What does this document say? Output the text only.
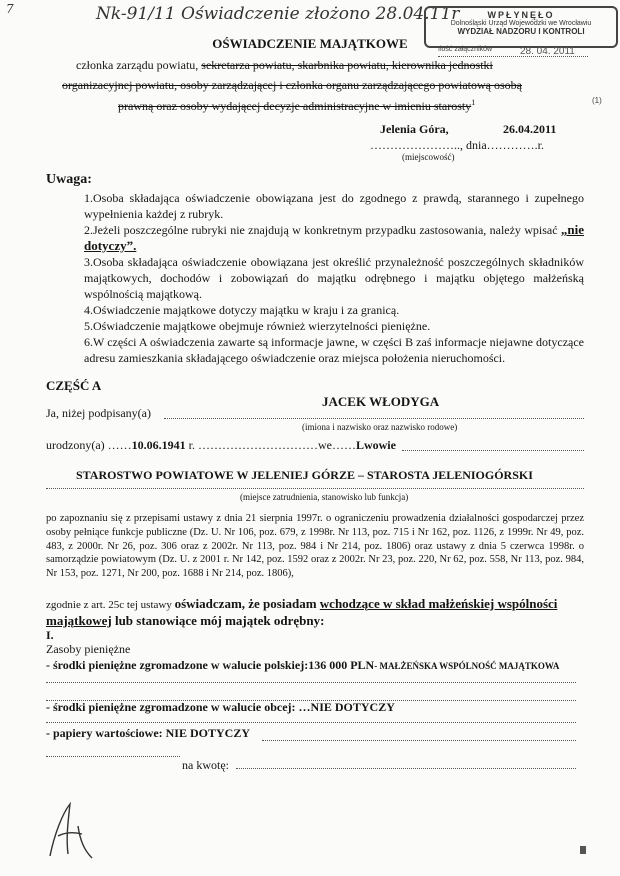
Nk-91/11 Oświadczenie złożono 28.04.11r
7	WPŁYNĘŁO
Dolnośląski Urząd Wojewódzki we Wrocławiu
WYDZIAŁ NADZORU I KONTROLI
Ilość załączników	28. 04. 2011
(1)
OŚWIADCZENIE MAJĄTKOWE
członka zarządu powiatu, sekretarza powiatu, skarbnika powiatu, kierownika jednostki
organizacyjnej powiatu, osoby zarządzającej i członka organu zarządzającego powiatową osobą
prawną oraz osoby wydającej decyzje administracyjne w imieniu starosty$^1$
Jelenia Góra,	26.04.2011
………………….., dnia………….r.
(miejscowość)
Uwaga:
1.Osoba składająca oświadczenie obowiązana jest do zgodnego z prawdą, starannego i zupełnego wypełnienia każdej z rubryk.
2.Jeżeli poszczególne rubryki nie znajdują w konkretnym przypadku zastosowania, należy wpisać „nie dotyczy”.
3.Osoba składająca oświadczenie obowiązana jest określić przynależność poszczególnych składników majątkowych, dochodów i zobowiązań do majątku odrębnego i majątku objętego małżeńską wspólnością majątkową.
4.Oświadczenie majątkowe dotyczy majątku w kraju i za granicą.
5.Oświadczenie majątkowe obejmuje również wierzytelności pieniężne.
6.W części A oświadczenia zawarte są informacje jawne, w części B zaś informacje niejawne dotyczące adresu zamieszkania składającego oświadczenie oraz miejsca położenia nieruchomości.
CZĘŚĆ A
Ja, niżej podpisany(a)
JACEK WŁODYGA
(imiona i nazwisko oraz nazwisko rodowe)
urodzony(a) ……10.06.1941 r. …………………………we……Lwowie
STAROSTWO POWIATOWE W JELENIEJ GÓRZE – STAROSTA JELENIOGÓRSKI
(miejsce zatrudnienia, stanowisko lub funkcja)
po zapoznaniu się z przepisami ustawy z dnia 21 sierpnia 1997r. o ograniczeniu prowadzenia działalności gospodarczej przez osoby pełniące funkcje publiczne (Dz. U. Nr 106, poz. 679, z 1998r. Nr 113, poz. 715 i Nr 162, poz. 1126, z 1999r. Nr 49, poz. 483, z 2000r. Nr 26, poz. 306 oraz z 2002r. Nr 113, poz. 984 i Nr 214, poz. 1806) oraz ustawy z dnia 5 czerwca 1998r. o samorządzie powiatowym (Dz. U. z 2001 r. Nr 142, poz. 1592 oraz z 2002r. Nr 23, poz. 220, Nr 62, poz. 558, Nr 113, poz. 984, Nr 153, poz. 1271, Nr 200, poz. 1688 i Nr 214, poz. 1806),
zgodnie z art. 25c tej ustawy oświadczam, że posiadam wchodzące w skład małżeńskiej wspólności majątkowej lub stanowiące mój majątek odrębny:
I.
Zasoby pieniężne
- środki pieniężne zgromadzone w walucie polskiej:136 000 PLN- MAŁŻEŃSKA WSPÓLNOŚĆ MAJĄTKOWA
- środki pieniężne zgromadzone w walucie obcej: …NIE DOTYCZY
- papiery wartościowe: NIE DOTYCZY
na kwotę:
